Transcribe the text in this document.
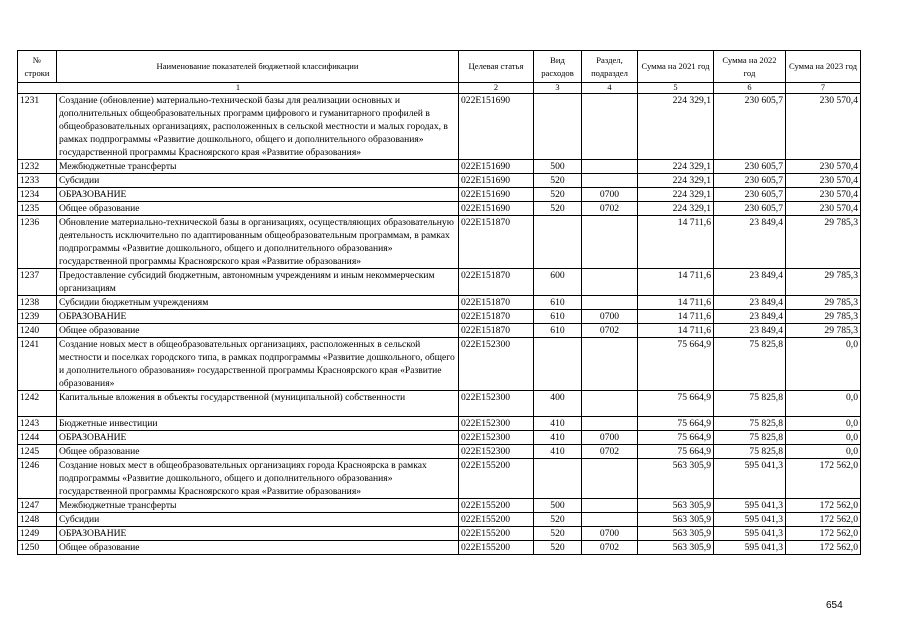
№ строки	Наименование показателей бюджетной классификации	Целевая статья	Вид расходов	Раздел, подраздел	Сумма на 2021 год	Сумма на 2022 год	Сумма на 2023 год
1		2	3	4	5	6	7
1231	Создание (обновление) материально-технической базы для реализации основных и дополнительных общеобразовательных программ цифрового и гуманитарного профилей в общеобразовательных организациях, расположенных в сельской местности и малых городах, в рамках подпрограммы «Развитие дошкольного, общего и дополнительного образования» государственной программы Красноярского края «Развитие образования»	022E151690			224 329,1	230 605,7	230 570,4
1232	Межбюджетные трансферты	022E151690	500		224 329,1	230 605,7	230 570,4
1233	Субсидии	022E151690	520		224 329,1	230 605,7	230 570,4
1234	ОБРАЗОВАНИЕ	022E151690	520	0700	224 329,1	230 605,7	230 570,4
1235	Общее образование	022E151690	520	0702	224 329,1	230 605,7	230 570,4
1236	Обновление материально-технической базы в организациях, осуществляющих образовательную деятельность исключительно по адаптированным общеобразовательным программам, в рамках подпрограммы «Развитие дошкольного, общего и дополнительного образования» государственной программы Красноярского края «Развитие образования»	022E151870			14 711,6	23 849,4	29 785,3
1237	Предоставление субсидий бюджетным, автономным учреждениям и иным некоммерческим организациям	022E151870	600		14 711,6	23 849,4	29 785,3
1238	Субсидии бюджетным учреждениям	022E151870	610		14 711,6	23 849,4	29 785,3
1239	ОБРАЗОВАНИЕ	022E151870	610	0700	14 711,6	23 849,4	29 785,3
1240	Общее образование	022E151870	610	0702	14 711,6	23 849,4	29 785,3
1241	Создание новых мест в общеобразовательных организациях, расположенных в сельской местности и поселках городского типа, в рамках подпрограммы «Развитие дошкольного, общего и дополнительного образования» государственной программы Красноярского края «Развитие образования»	022E152300			75 664,9	75 825,8	0,0
1242	Капитальные вложения в объекты государственной (муниципальной) собственности	022E152300	400		75 664,9	75 825,8	0,0
1243	Бюджетные инвестиции	022E152300	410		75 664,9	75 825,8	0,0
1244	ОБРАЗОВАНИЕ	022E152300	410	0700	75 664,9	75 825,8	0,0
1245	Общее образование	022E152300	410	0702	75 664,9	75 825,8	0,0
1246	Создание новых мест в общеобразовательных организациях города Красноярска в рамках подпрограммы «Развитие дошкольного, общего и дополнительного образования» государственной программы Красноярского края «Развитие образования»	022E155200			563 305,9	595 041,3	172 562,0
1247	Межбюджетные трансферты	022E155200	500		563 305,9	595 041,3	172 562,0
1248	Субсидии	022E155200	520		563 305,9	595 041,3	172 562,0
1249	ОБРАЗОВАНИЕ	022E155200	520	0700	563 305,9	595 041,3	172 562,0
1250	Общее образование	022E155200	520	0702	563 305,9	595 041,3	172 562,0
654
